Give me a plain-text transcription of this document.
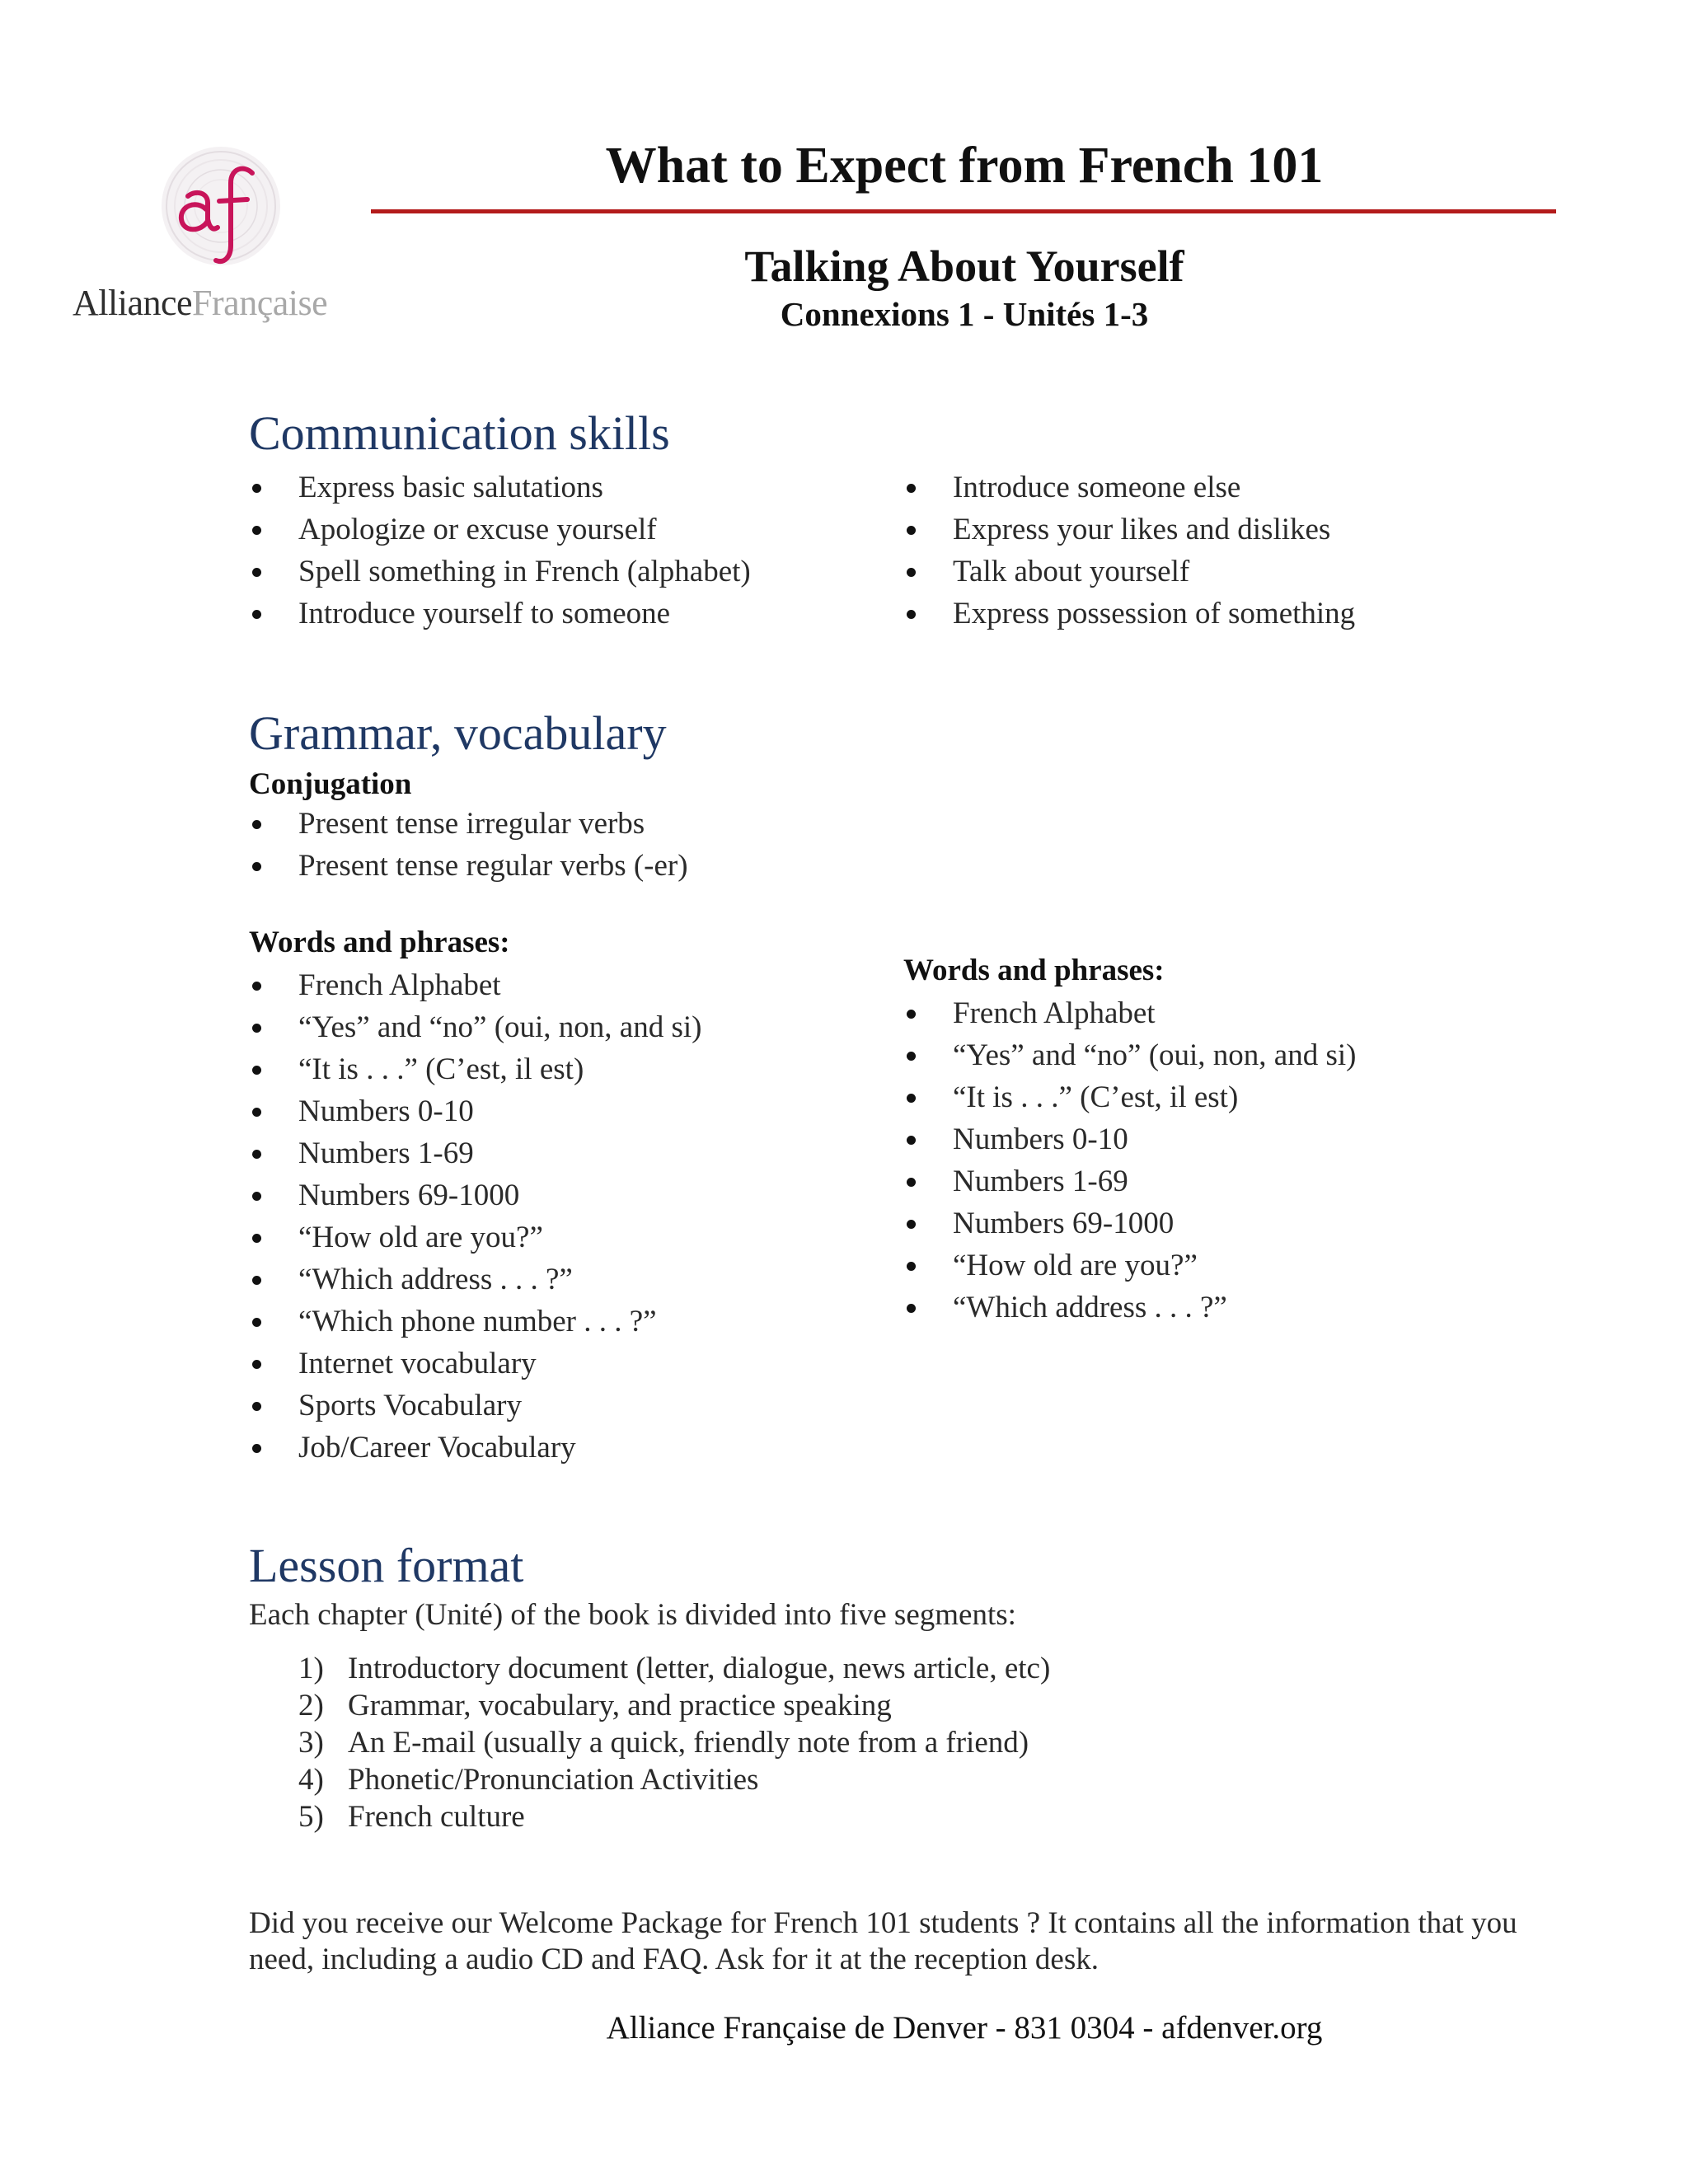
AllianceFrançaise
What to Expect from French 101
Talking About Yourself
Connexions 1 - Unités 1-3
Communication skills
Express basic salutations
Apologize or excuse yourself
Spell something in French (alphabet)
Introduce yourself to someone
Introduce someone else
Express your likes and dislikes
Talk about yourself
Express possession of something
Grammar, vocabulary
Conjugation
Present tense irregular verbs
Present tense regular verbs (-er)
Words and phrases:
French Alphabet
“Yes” and “no” (oui, non, and si)
“It is . . .” (C’est, il est)
Numbers 0-10
Numbers 1-69
Numbers 69-1000
“How old are you?”
“Which address . . . ?”
“Which phone number . . . ?”
Internet vocabulary
Sports Vocabulary
Job/Career Vocabulary
Words and phrases:
French Alphabet
“Yes” and “no” (oui, non, and si)
“It is . . .” (C’est, il est)
Numbers 0-10
Numbers 1-69
Numbers 69-1000
“How old are you?”
“Which address . . . ?”
Lesson format

Each chapter (Unité) of the book is divided into five segments:

1) Introductory document (letter, dialogue, news article, etc)
2) Grammar, vocabulary, and practice speaking
3) An E-mail (usually a quick, friendly note from a friend)
4) Phonetic/Pronunciation Activities
5) French culture

Did you receive our Welcome Package for French 101 students ? It contains all the information that you need, including a audio CD and FAQ. Ask for it at the reception desk.

Alliance Française de Denver - 831 0304 - afdenver.org
